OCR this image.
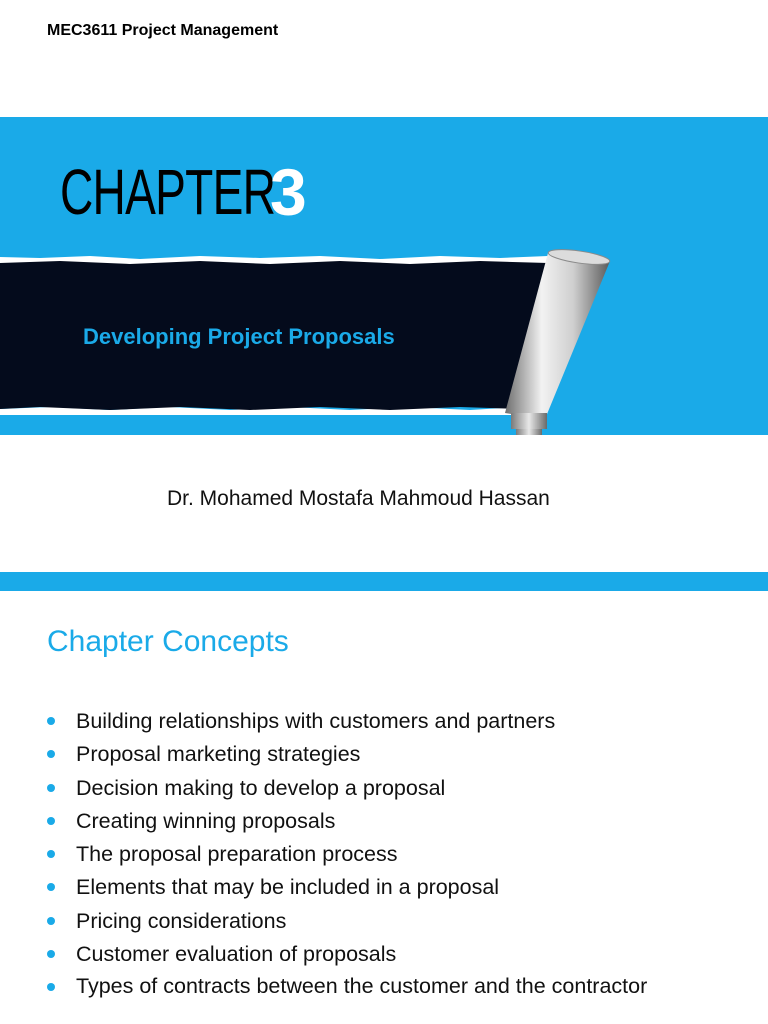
MEC3611 Project Management
CHAPTER
3
Developing Project Proposals
Dr. Mohamed Mostafa Mahmoud Hassan
Chapter Concepts
Building relationships with customers and partners
Proposal marketing strategies
Decision making to develop a proposal
Creating winning proposals
The proposal preparation process
Elements that may be included in a proposal
Pricing considerations
Customer evaluation of proposals
Types of contracts between the customer and the contractor
